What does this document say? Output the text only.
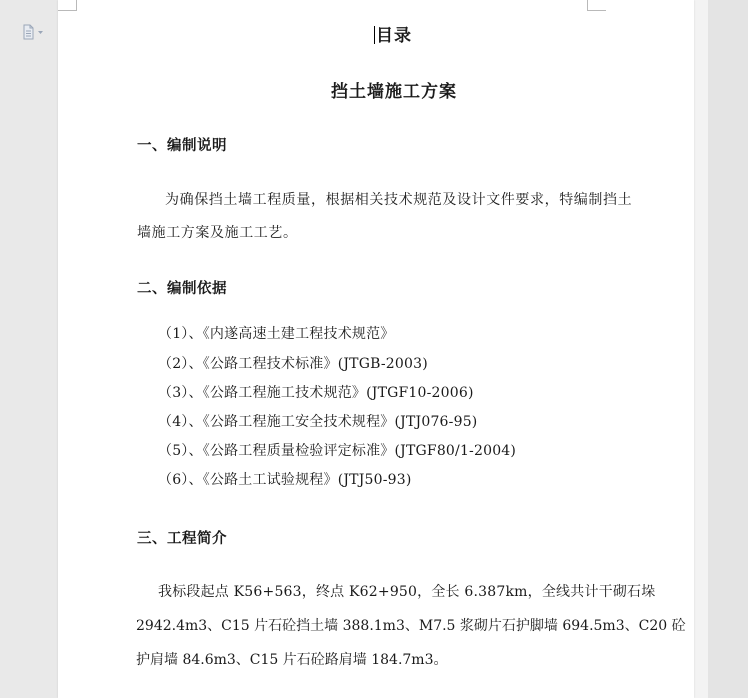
目录
挡土墙施工方案
一、编制说明
为确保挡土墙工程质量，根据相关技术规范及设计文件要求，特编制挡土
墙施工方案及施工工艺。
二、编制依据
（1）、《内遂高速土建工程技术规范》
（2）、《公路工程技术标准》(JTGB-2003)
（3）、《公路工程施工技术规范》(JTGF10-2006)
（4）、《公路工程施工安全技术规程》(JTJ076-95)
（5）、《公路工程质量检验评定标准》(JTGF80/1-2004)
（6）、《公路土工试验规程》(JTJ50-93)
三、工程简介
我标段起点 K56+563，终点 K62+950，全长 6.387km，全线共计干砌石垛
2942.4m3、C15 片石砼挡土墙 388.1m3、M7.5 浆砌片石护脚墙 694.5m3、C20 砼
护肩墙 84.6m3、C15 片石砼路肩墙 184.7m3。
